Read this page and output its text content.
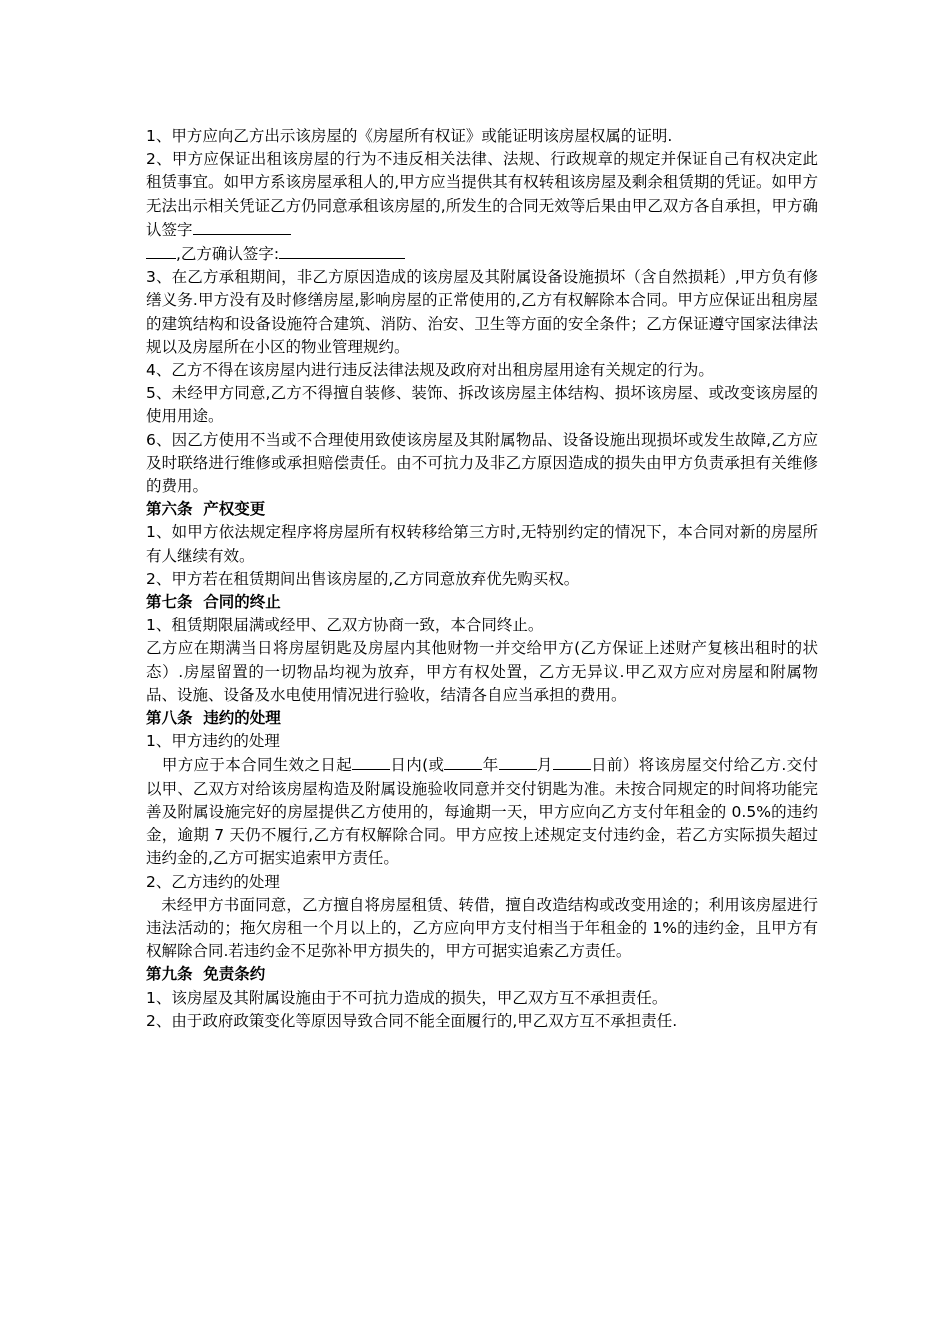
1、甲方应向乙方出示该房屋的《房屋所有权证》或能证明该房屋权属的证明.

2、甲方应保证出租该房屋的行为不违反相关法律、法规、行政规章的规定并保证自己有权决定此租赁事宜。如甲方系该房屋承租人的,甲方应当提供其有权转租该房屋及剩余租赁期的凭证。如甲方无法出示相关凭证乙方仍同意承租该房屋的,所发生的合同无效等后果由甲乙双方各自承担，甲方确认签字

,乙方确认签字:

3、在乙方承租期间，非乙方原因造成的该房屋及其附属设备设施损坏（含自然损耗）,甲方负有修缮义务.甲方没有及时修缮房屋,影响房屋的正常使用的,乙方有权解除本合同。甲方应保证出租房屋的建筑结构和设备设施符合建筑、消防、治安、卫生等方面的安全条件；乙方保证遵守国家法律法规以及房屋所在小区的物业管理规约。

4、乙方不得在该房屋内进行违反法律法规及政府对出租房屋用途有关规定的行为。

5、未经甲方同意,乙方不得擅自装修、装饰、拆改该房屋主体结构、损坏该房屋、或改变该房屋的使用用途。

6、因乙方使用不当或不合理使用致使该房屋及其附属物品、设备设施出现损坏或发生故障,乙方应及时联络进行维修或承担赔偿责任。由不可抗力及非乙方原因造成的损失由甲方负责承担有关维修的费用。

第六条  产权变更

1、如甲方依法规定程序将房屋所有权转移给第三方时,无特别约定的情况下，本合同对新的房屋所有人继续有效。

2、甲方若在租赁期间出售该房屋的,乙方同意放弃优先购买权。

第七条  合同的终止

1、租赁期限届满或经甲、乙双方协商一致，本合同终止。

乙方应在期满当日将房屋钥匙及房屋内其他财物一并交给甲方(乙方保证上述财产复核出租时的状态）.房屋留置的一切物品均视为放弃，甲方有权处置，乙方无异议.甲乙双方应对房屋和附属物品、设施、设备及水电使用情况进行验收，结清各自应当承担的费用。

第八条  违约的处理

1、甲方违约的处理

甲方应于本合同生效之日起 日内(或 年 月 日前）将该房屋交付给乙方.交付以甲、乙双方对给该房屋构造及附属设施验收同意并交付钥匙为准。未按合同规定的时间将功能完善及附属设施完好的房屋提供乙方使用的，每逾期一天，甲方应向乙方支付年租金的 0.5%的违约金，逾期 7 天仍不履行,乙方有权解除合同。甲方应按上述规定支付违约金，若乙方实际损失超过违约金的,乙方可据实追索甲方责任。

2、乙方违约的处理

未经甲方书面同意，乙方擅自将房屋租赁、转借，擅自改造结构或改变用途的；利用该房屋进行违法活动的；拖欠房租一个月以上的，乙方应向甲方支付相当于年租金的 1%的违约金，且甲方有权解除合同.若违约金不足弥补甲方损失的，甲方可据实追索乙方责任。

第九条  免责条约

1、该房屋及其附属设施由于不可抗力造成的损失，甲乙双方互不承担责任。

2、由于政府政策变化等原因导致合同不能全面履行的,甲乙双方互不承担责任.
